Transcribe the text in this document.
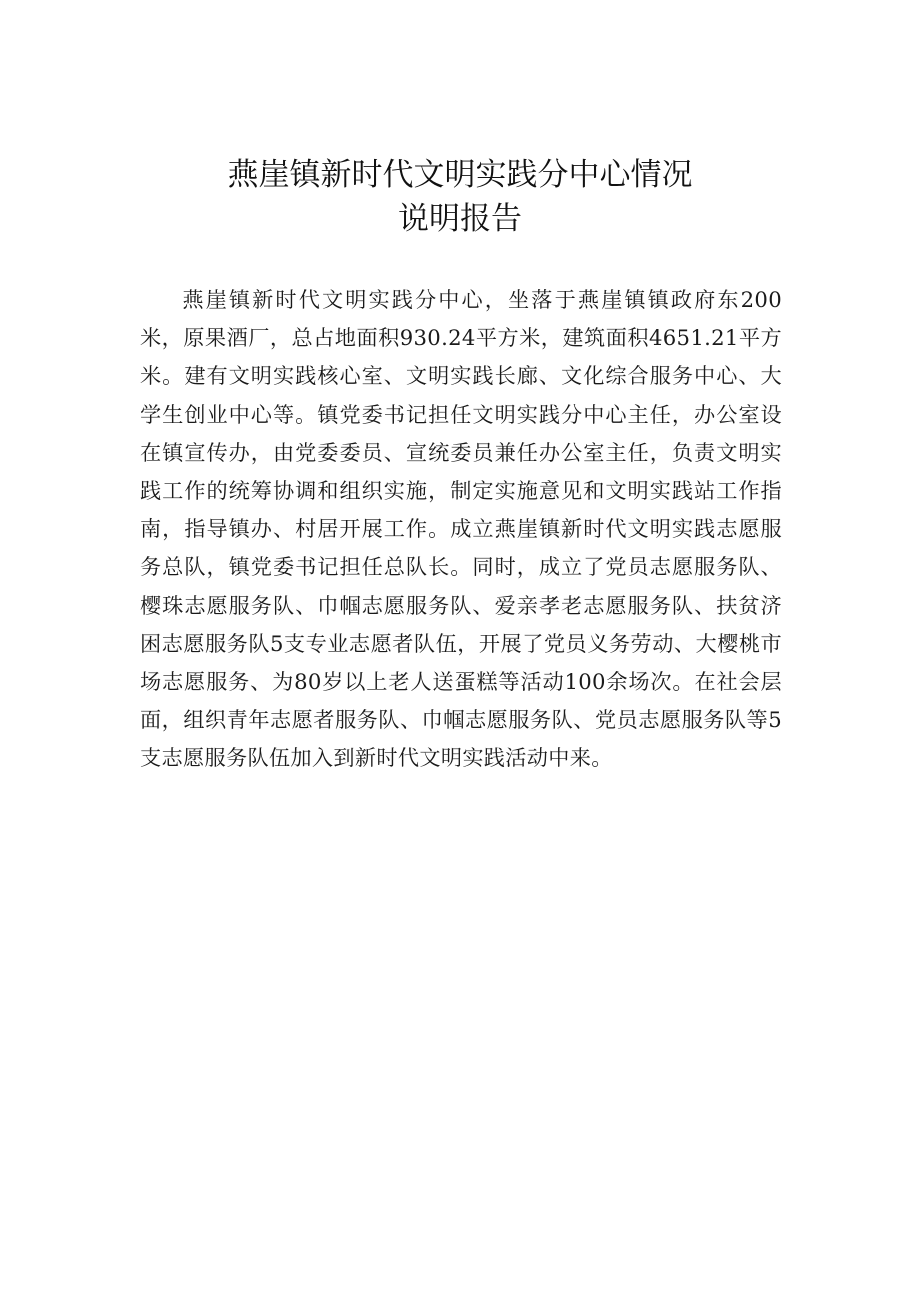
燕崖镇新时代文明实践分中心情况
说明报告

燕崖镇新时代文明实践分中心，坐落于燕崖镇镇政府东200米，原果酒厂，总占地面积930.24平方米，建筑面积4651.21平方米。建有文明实践核心室、文明实践长廊、文化综合服务中心、大学生创业中心等。镇党委书记担任文明实践分中心主任，办公室设在镇宣传办，由党委委员、宣统委员兼任办公室主任，负责文明实践工作的统筹协调和组织实施，制定实施意见和文明实践站工作指南，指导镇办、村居开展工作。成立燕崖镇新时代文明实践志愿服务总队，镇党委书记担任总队长。同时，成立了党员志愿服务队、樱珠志愿服务队、巾帼志愿服务队、爱亲孝老志愿服务队、扶贫济困志愿服务队5支专业志愿者队伍，开展了党员义务劳动、大樱桃市场志愿服务、为80岁以上老人送蛋糕等活动100余场次。在社会层面，组织青年志愿者服务队、巾帼志愿服务队、党员志愿服务队等5支志愿服务队伍加入到新时代文明实践活动中来。
